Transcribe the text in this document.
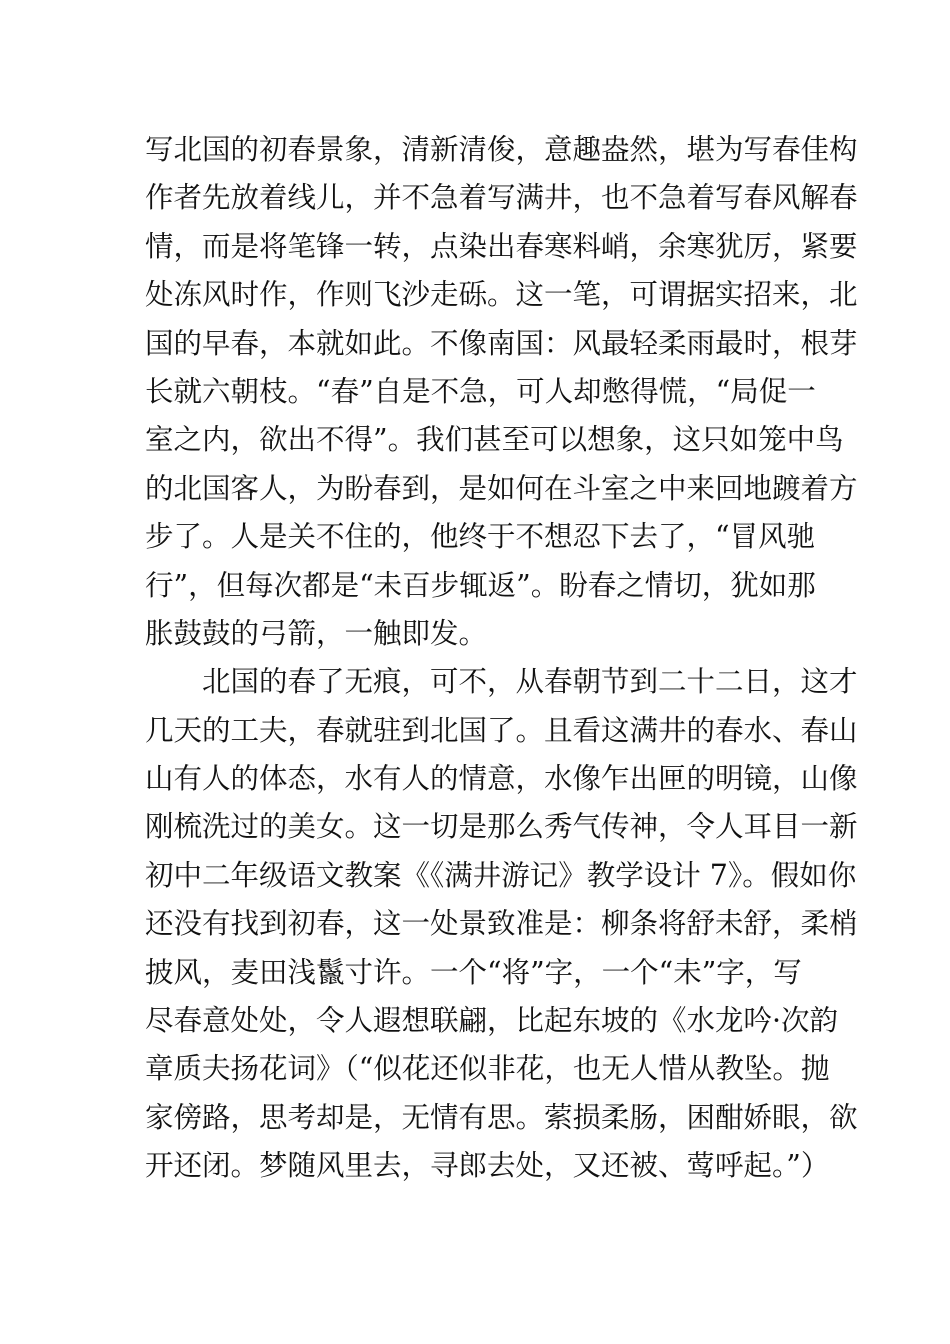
写北国的初春景象，清新清俊，意趣盎然，堪为写春佳构
作者先放着线儿，并不急着写满井，也不急着写春风解春
情，而是将笔锋一转，点染出春寒料峭，余寒犹厉，紧要
处冻风时作，作则飞沙走砾。这一笔，可谓据实招来，北
国的早春，本就如此。不像南国：风最轻柔雨最时，根芽
长就六朝枝。“春”自是不急，可人却憋得慌，“局促一
室之内，欲出不得”。我们甚至可以想象，这只如笼中鸟
的北国客人，为盼春到，是如何在斗室之中来回地踱着方
步了。人是关不住的，他终于不想忍下去了，“冒风驰
行”，但每次都是“未百步辄返”。盼春之情切，犹如那
胀鼓鼓的弓箭，一触即发。
北国的春了无痕，可不，从春朝节到二十二日，这才
几天的工夫，春就驻到北国了。且看这满井的春水、春山
山有人的体态，水有人的情意，水像乍出匣的明镜，山像
刚梳洗过的美女。这一切是那么秀气传神，令人耳目一新
初中二年级语文教案《《满井游记》教学设计 7》。假如你
还没有找到初春，这一处景致准是：柳条将舒未舒，柔梢
披风，麦田浅鬣寸许。一个“将”字，一个“未”字，写
尽春意处处，令人遐想联翩，比起东坡的《水龙吟·次韵
章质夫扬花词》（“似花还似非花，也无人惜从教坠。抛
家傍路，思考却是，无情有思。萦损柔肠，困酣娇眼，欲
开还闭。梦随风里去，寻郎去处，又还被、莺呼起。”）
